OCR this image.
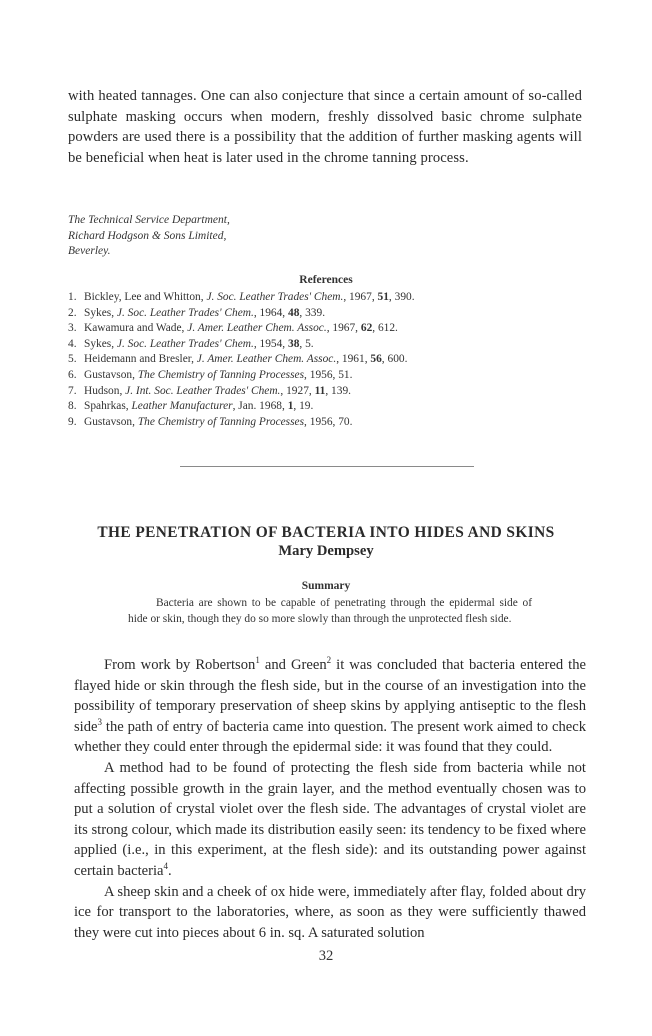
with heated tannages. One can also conjecture that since a certain amount of so-called sulphate masking occurs when modern, freshly dissolved basic chrome sulphate powders are used there is a possibility that the addition of further masking agents will be beneficial when heat is later used in the chrome tanning process.

The Technical Service Department,
Richard Hodgson & Sons Limited,
Beverley.
References
1. Bickley, Lee and Whitton, J. Soc. Leather Trades' Chem., 1967, 51, 390.
2. Sykes, J. Soc. Leather Trades' Chem., 1964, 48, 339.
3. Kawamura and Wade, J. Amer. Leather Chem. Assoc., 1967, 62, 612.
4. Sykes, J. Soc. Leather Trades' Chem., 1954, 38, 5.
5. Heidemann and Bresler, J. Amer. Leather Chem. Assoc., 1961, 56, 600.
6. Gustavson, The Chemistry of Tanning Processes, 1956, 51.
7. Hudson, J. Int. Soc. Leather Trades' Chem., 1927, 11, 139.
8. Spahrkas, Leather Manufacturer, Jan. 1968, 1, 19.
9. Gustavson, The Chemistry of Tanning Processes, 1956, 70.
THE PENETRATION OF BACTERIA INTO HIDES AND SKINS
Mary Dempsey
Summary

Bacteria are shown to be capable of penetrating through the epidermal side of hide or skin, though they do so more slowly than through the unprotected flesh side.

From work by Robertson$^1$ and Green$^2$ it was concluded that bacteria entered the flayed hide or skin through the flesh side, but in the course of an investigation into the possibility of temporary preservation of sheep skins by applying antiseptic to the flesh side$^3$ the path of entry of bacteria came into question. The present work aimed to check whether they could enter through the epidermal side: it was found that they could.

A method had to be found of protecting the flesh side from bacteria while not affecting possible growth in the grain layer, and the method eventually chosen was to put a solution of crystal violet over the flesh side. The advantages of crystal violet are its strong colour, which made its distribution easily seen: its tendency to be fixed where applied (i.e., in this experiment, at the flesh side): and its outstanding power against certain bacteria$^4$.

A sheep skin and a cheek of ox hide were, immediately after flay, folded about dry ice for transport to the laboratories, where, as soon as they were sufficiently thawed they were cut into pieces about 6 in. sq. A saturated solution

32
